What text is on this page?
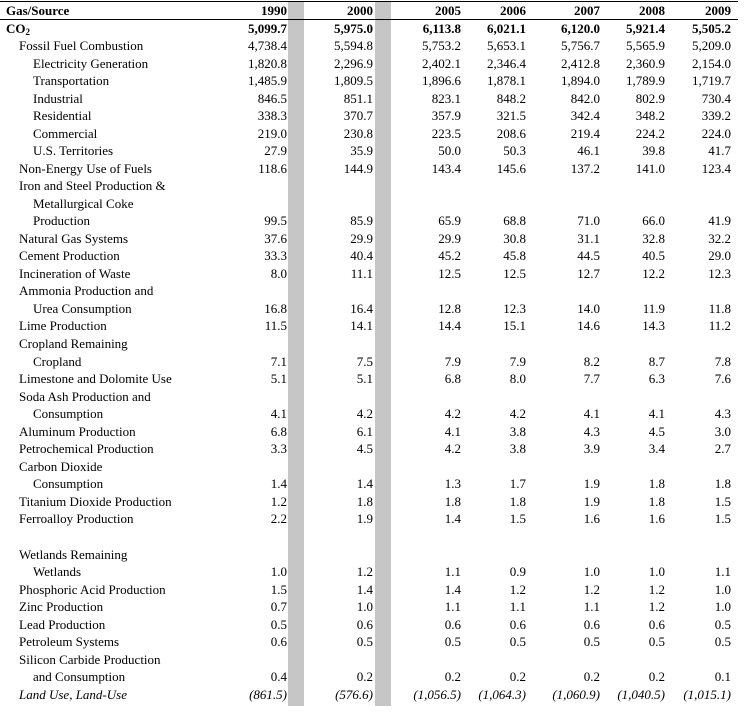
Gas/Source	1990	2000	2005	2006	2007	2008	2009
$CO_2$	5,099.7	5,975.0	6,113.8	6,021.1	6,120.0	5,921.4	5,505.2
Fossil Fuel Combustion	4,738.4	5,594.8	5,753.2	5,653.1	5,756.7	5,565.9	5,209.0
Electricity Generation	1,820.8	2,296.9	2,402.1	2,346.4	2,412.8	2,360.9	2,154.0
Transportation	1,485.9	1,809.5	1,896.6	1,878.1	1,894.0	1,789.9	1,719.7
Industrial	846.5	851.1	823.1	848.2	842.0	802.9	730.4
Residential	338.3	370.7	357.9	321.5	342.4	348.2	339.2
Commercial	219.0	230.8	223.5	208.6	219.4	224.2	224.0
U.S. Territories	27.9	35.9	50.0	50.3	46.1	39.8	41.7
Non-Energy Use of Fuels	118.6	144.9	143.4	145.6	137.2	141.0	123.4
Iron and Steel Production &
Metallurgical Coke
Production	99.5	85.9	65.9	68.8	71.0	66.0	41.9
Natural Gas Systems	37.6	29.9	29.9	30.8	31.1	32.8	32.2
Cement Production	33.3	40.4	45.2	45.8	44.5	40.5	29.0
Incineration of Waste	8.0	11.1	12.5	12.5	12.7	12.2	12.3
Ammonia Production and
Urea Consumption	16.8	16.4	12.8	12.3	14.0	11.9	11.8
Lime Production	11.5	14.1	14.4	15.1	14.6	14.3	11.2
Cropland Remaining
Cropland	7.1	7.5	7.9	7.9	8.2	8.7	7.8
Limestone and Dolomite Use	5.1	5.1	6.8	8.0	7.7	6.3	7.6
Soda Ash Production and
Consumption	4.1	4.2	4.2	4.2	4.1	4.1	4.3
Aluminum Production	6.8	6.1	4.1	3.8	4.3	4.5	3.0
Petrochemical Production	3.3	4.5	4.2	3.8	3.9	3.4	2.7
Carbon Dioxide
Consumption	1.4	1.4	1.3	1.7	1.9	1.8	1.8
Titanium Dioxide Production	1.2	1.8	1.8	1.8	1.9	1.8	1.5
Ferroalloy Production	2.2	1.9	1.4	1.5	1.6	1.6	1.5
Wetlands Remaining
Wetlands	1.0	1.2	1.1	0.9	1.0	1.0	1.1
Phosphoric Acid Production	1.5	1.4	1.4	1.2	1.2	1.2	1.0
Zinc Production	0.7	1.0	1.1	1.1	1.1	1.2	1.0
Lead Production	0.5	0.6	0.6	0.6	0.6	0.6	0.5
Petroleum Systems	0.6	0.5	0.5	0.5	0.5	0.5	0.5
Silicon Carbide Production
and Consumption	0.4	0.2	0.2	0.2	0.2	0.2	0.1
Land Use, Land-Use	(861.5)	(576.6)	(1,056.5)	(1,064.3)	(1,060.9)	(1,040.5)	(1,015.1)
